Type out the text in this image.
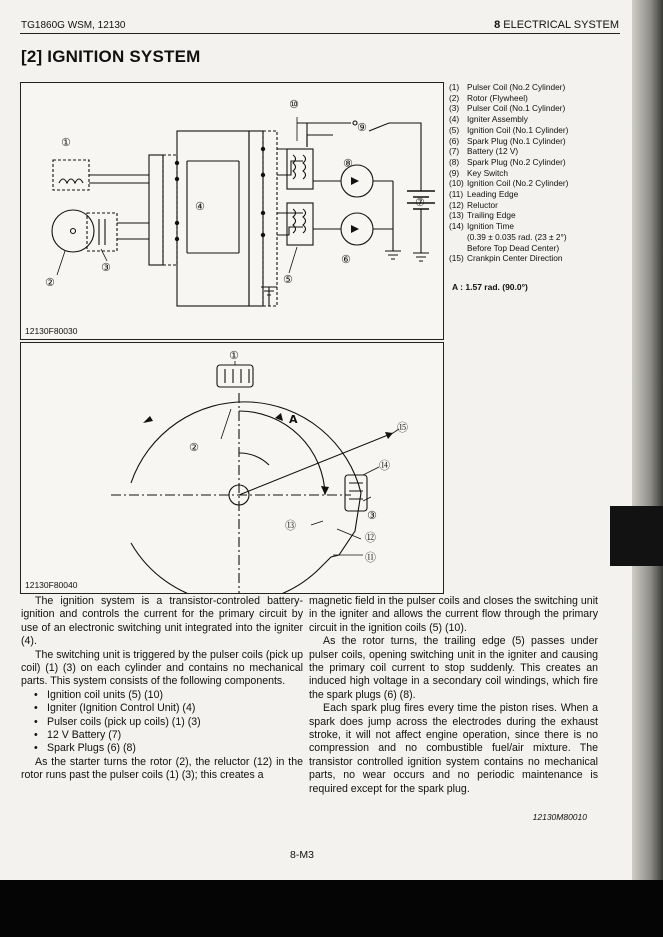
TG1860G WSM, 12130	8 ELECTRICAL SYSTEM
[2] IGNITION SYSTEM
①
②
③
④
⑤
⑥
⑦
⑧
⑨
⑩
12130F80030
①
②
③
⑪
⑫
⑬
⑭
⑮
A
12130F80040
(1) Pulser Coil (No.2 Cylinder)
(2) Rotor (Flywheel)
(3) Pulser Coil (No.1 Cylinder)
(4) Igniter Assembly
(5) Ignition Coil (No.1 Cylinder)
(6) Spark Plug (No.1 Cylinder)
(7) Battery (12 V)
(8) Spark Plug (No.2 Cylinder)
(9) Key Switch
(10) Ignition Coil (No.2 Cylinder)
(11) Leading Edge
(12) Reluctor
(13) Trailing Edge
(14) Ignition Time
(0.39 ± 0.035 rad. (23 ± 2°)
Before Top Dead Center)
(15) Crankpin Center Direction
A : 1.57 rad. (90.0°)

The ignition system is a transistor-controled battery-ignition and controls the current for the primary circuit by use of an electronic switching unit integrated into the igniter (4).

The switching unit is triggered by the pulser coils (pick up coil) (1) (3) on each cylinder and contains no mechanical parts. This system consists of the following components.

• Ignition coil units (5) (10)
• Igniter (Ignition Control Unit) (4)
• Pulser coils (pick up coils) (1) (3)
• 12 V Battery (7)
• Spark Plugs (6) (8)

As the starter turns the rotor (2), the reluctor (12) in the rotor runs past the pulser coils (1) (3); this creates a

magnetic field in the pulser coils and closes the switching unit in the igniter and allows the current flow through the primary circuit in the ignition coils (5) (10).

As the rotor turns, the trailing edge (5) passes under pulser coils, opening switching unit in the igniter and causing the primary coil current to stop suddenly. This creates an induced high voltage in a secondary coil windings, which fire the spark plugs (6) (8).

Each spark plug fires every time the piston rises. When a spark does jump across the electrodes during the exhaust stroke, it will not affect engine operation, since there is no compression and no combustible fuel/air mixture. The transistor controlled ignition system contains no mechanical parts, no wear occurs and no periodic maintenance is required except for the spark plug.

12130M80010
8-M3
